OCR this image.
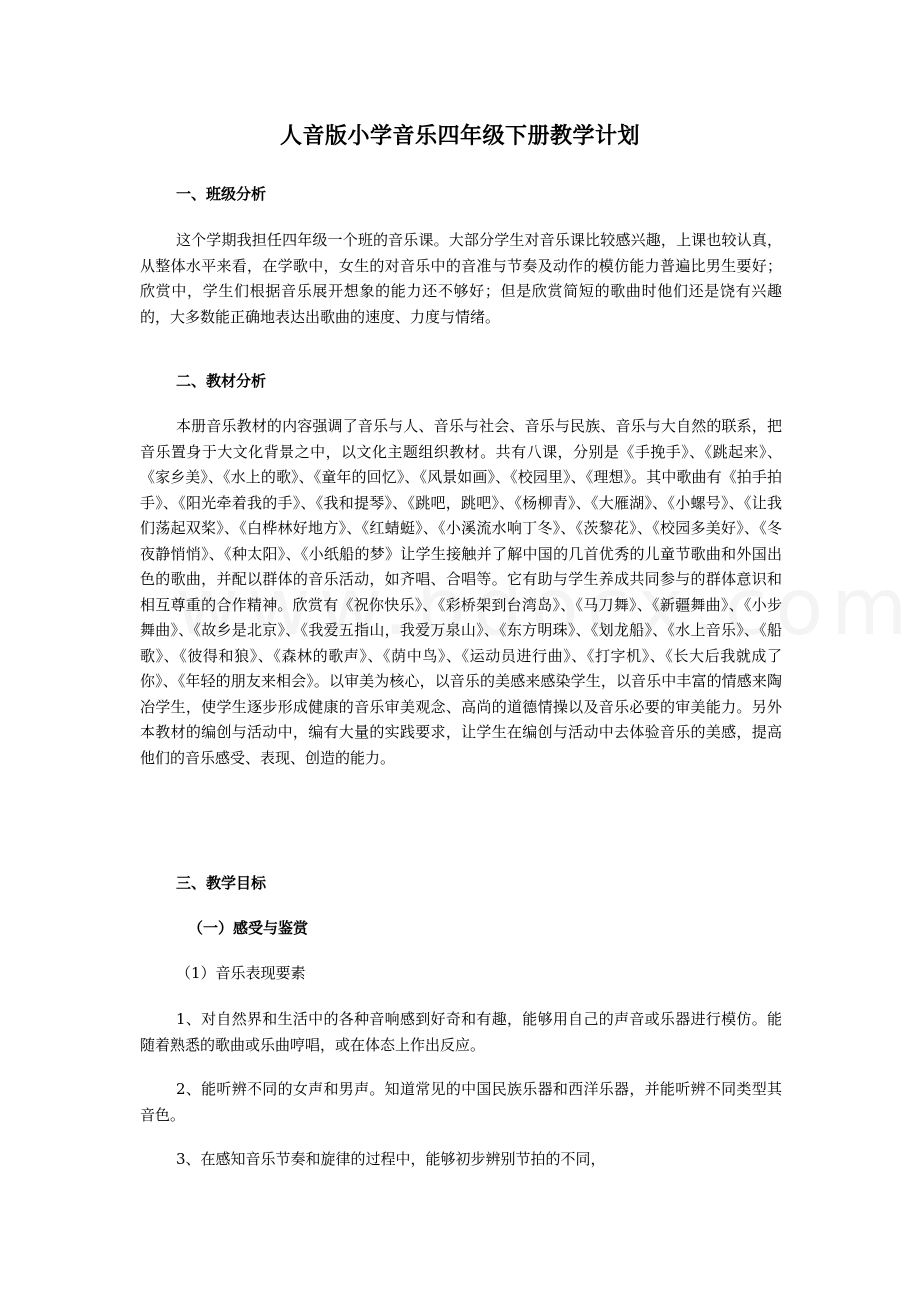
人音版小学音乐四年级下册教学计划
一、班级分析

这个学期我担任四年级一个班的音乐课。大部分学生对音乐课比较感兴趣，上课也较认真，从整体水平来看，在学歌中，女生的对音乐中的音准与节奏及动作的模仿能力普遍比男生要好；欣赏中，学生们根据音乐展开想象的能力还不够好；但是欣赏简短的歌曲时他们还是饶有兴趣的，大多数能正确地表达出歌曲的速度、力度与情绪。

二、教材分析

本册音乐教材的内容强调了音乐与人、音乐与社会、音乐与民族、音乐与大自然的联系，把音乐置身于大文化背景之中，以文化主题组织教材。共有八课，分别是《手挽手》、《跳起来》、《家乡美》、《水上的歌》、《童年的回忆》、《风景如画》、《校园里》、《理想》。其中歌曲有《拍手拍手》、《阳光牵着我的手》、《我和提琴》、《跳吧，跳吧》、《杨柳青》、《大雁湖》、《小螺号》、《让我们荡起双桨》、《白桦林好地方》、《红蜻蜓》、《小溪流水响丁冬》、《茨黎花》、《校园多美好》、《冬夜静悄悄》、《种太阳》、《小纸船的梦》让学生接触并了解中国的几首优秀的儿童节歌曲和外国出色的歌曲，并配以群体的音乐活动，如齐唱、合唱等。它有助与学生养成共同参与的群体意识和相互尊重的合作精神。欣赏有《祝你快乐》、《彩桥架到台湾岛》、《马刀舞》、《新疆舞曲》、《小步舞曲》、《故乡是北京》、《我爱五指山，我爱万泉山》、《东方明珠》、《划龙船》、《水上音乐》、《船歌》、《彼得和狼》、《森林的歌声》、《荫中鸟》、《运动员进行曲》、《打字机》、《长大后我就成了你》、《年轻的朋友来相会》。以审美为核心，以音乐的美感来感染学生，以音乐中丰富的情感来陶冶学生，使学生逐步形成健康的音乐审美观念、高尚的道德情操以及音乐必要的审美能力。另外本教材的编创与活动中，编有大量的实践要求，让学生在编创与活动中去体验音乐的美感，提高他们的音乐感受、表现、创造的能力。

三、教学目标
（一）感受与鉴赏
（1）音乐表现要素

1、对自然界和生活中的各种音响感到好奇和有趣，能够用自己的声音或乐器进行模仿。能随着熟悉的歌曲或乐曲哼唱，或在体态上作出反应。

2、能听辨不同的女声和男声。知道常见的中国民族乐器和西洋乐器，并能听辨不同类型其音色。

3、在感知音乐节奏和旋律的过程中，能够初步辨别节拍的不同，
